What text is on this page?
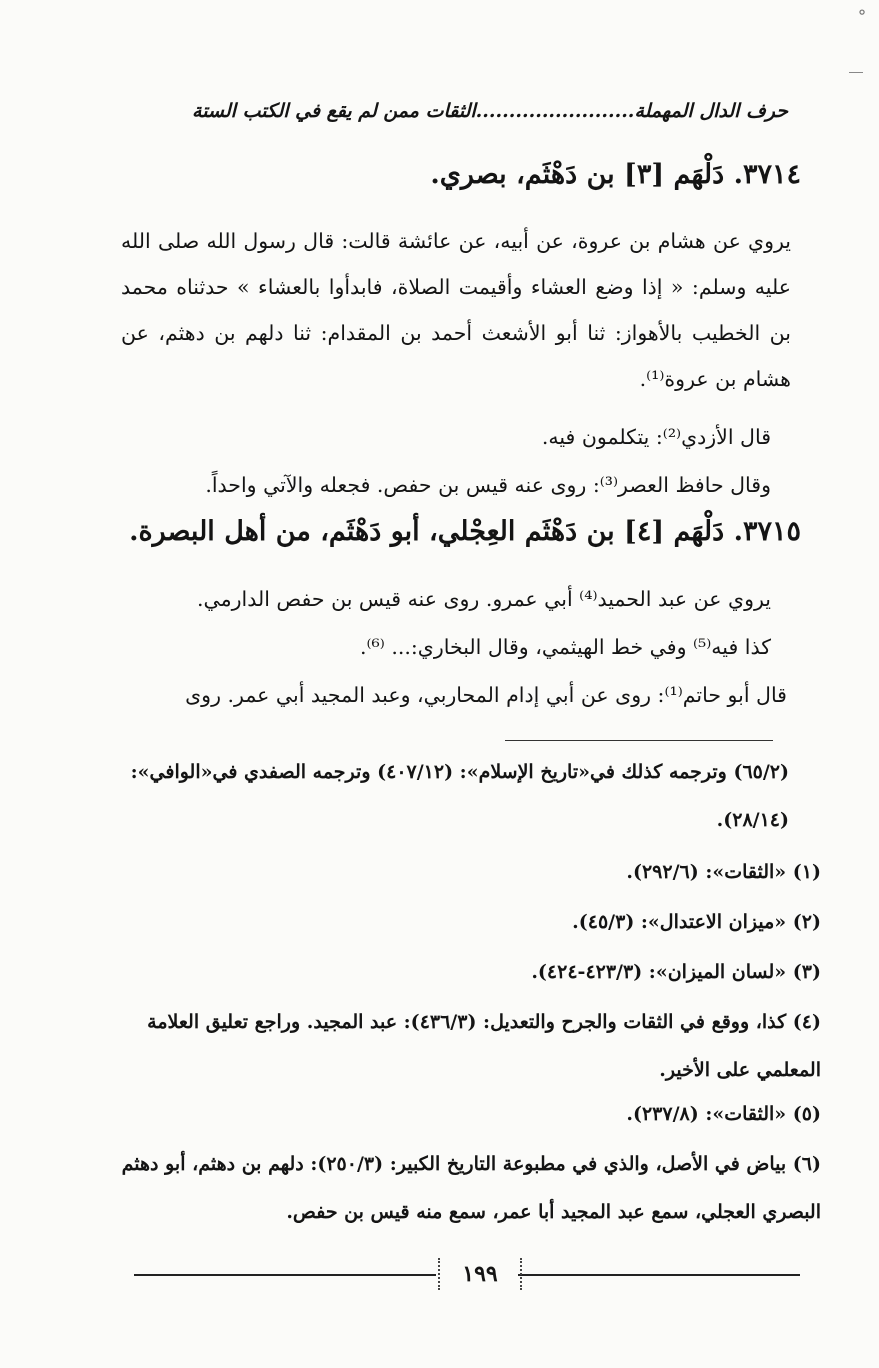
ﹾ
حرف الدال المهملة........................الثقات ممن لم يقع في الكتب الستة
٣٧١٤. دَلْهَم [٣] بن دَهْثَم، بصري.
يروي عن هشام بن عروة، عن أبيه، عن عائشة قالت: قال رسول الله صلى الله عليه وسلم: « إذا وضع العشاء وأقيمت الصلاة، فابدأوا بالعشاء » حدثناه محمد بن الخطيب بالأهواز: ثنا أبو الأشعث أحمد بن المقدام: ثنا دلهم بن دهثم، عن هشام بن عروة⁽¹⁾.
قال الأزدي⁽²⁾: يتكلمون فيه.
وقال حافظ العصر⁽³⁾: روى عنه قيس بن حفص. فجعله والآتي واحداً.
٣٧١٥. دَلْهَم [٤] بن دَهْثَم العِجْلي، أبو دَهْثَم، من أهل البصرة.
يروي عن عبد الحميد⁽⁴⁾ أبي عمرو. روى عنه قيس بن حفص الدارمي.
كذا فيه⁽⁵⁾ وفي خط الهيثمي، وقال البخاري:... ⁽⁶⁾.
قال أبو حاتم⁽¹⁾: روى عن أبي إدام المحاربي، وعبد المجيد أبي عمر. روى
(٦٥/٢) وترجمه كذلك في«تاريخ الإسلام»: (٤٠٧/١٢) وترجمه الصفدي في«الوافي»: (٢٨/١٤).
(١) «الثقات»: (٢٩٢/٦).
(٢) «ميزان الاعتدال»: (٤٥/٣).
(٣) «لسان الميزان»: (٤٢٣/٣-٤٢٤).
(٤) كذا، ووقع في الثقات والجرح والتعديل: (٤٣٦/٣): عبد المجيد. وراجع تعليق العلامة المعلمي على الأخير.
(٥) «الثقات»: (٢٣٧/٨).
(٦) بياض في الأصل، والذي في مطبوعة التاريخ الكبير: (٢٥٠/٣): دلهم بن دهثم، أبو دهثم البصري العجلي، سمع عبد المجيد أبا عمر، سمع منه قيس بن حفص.
١٩٩
